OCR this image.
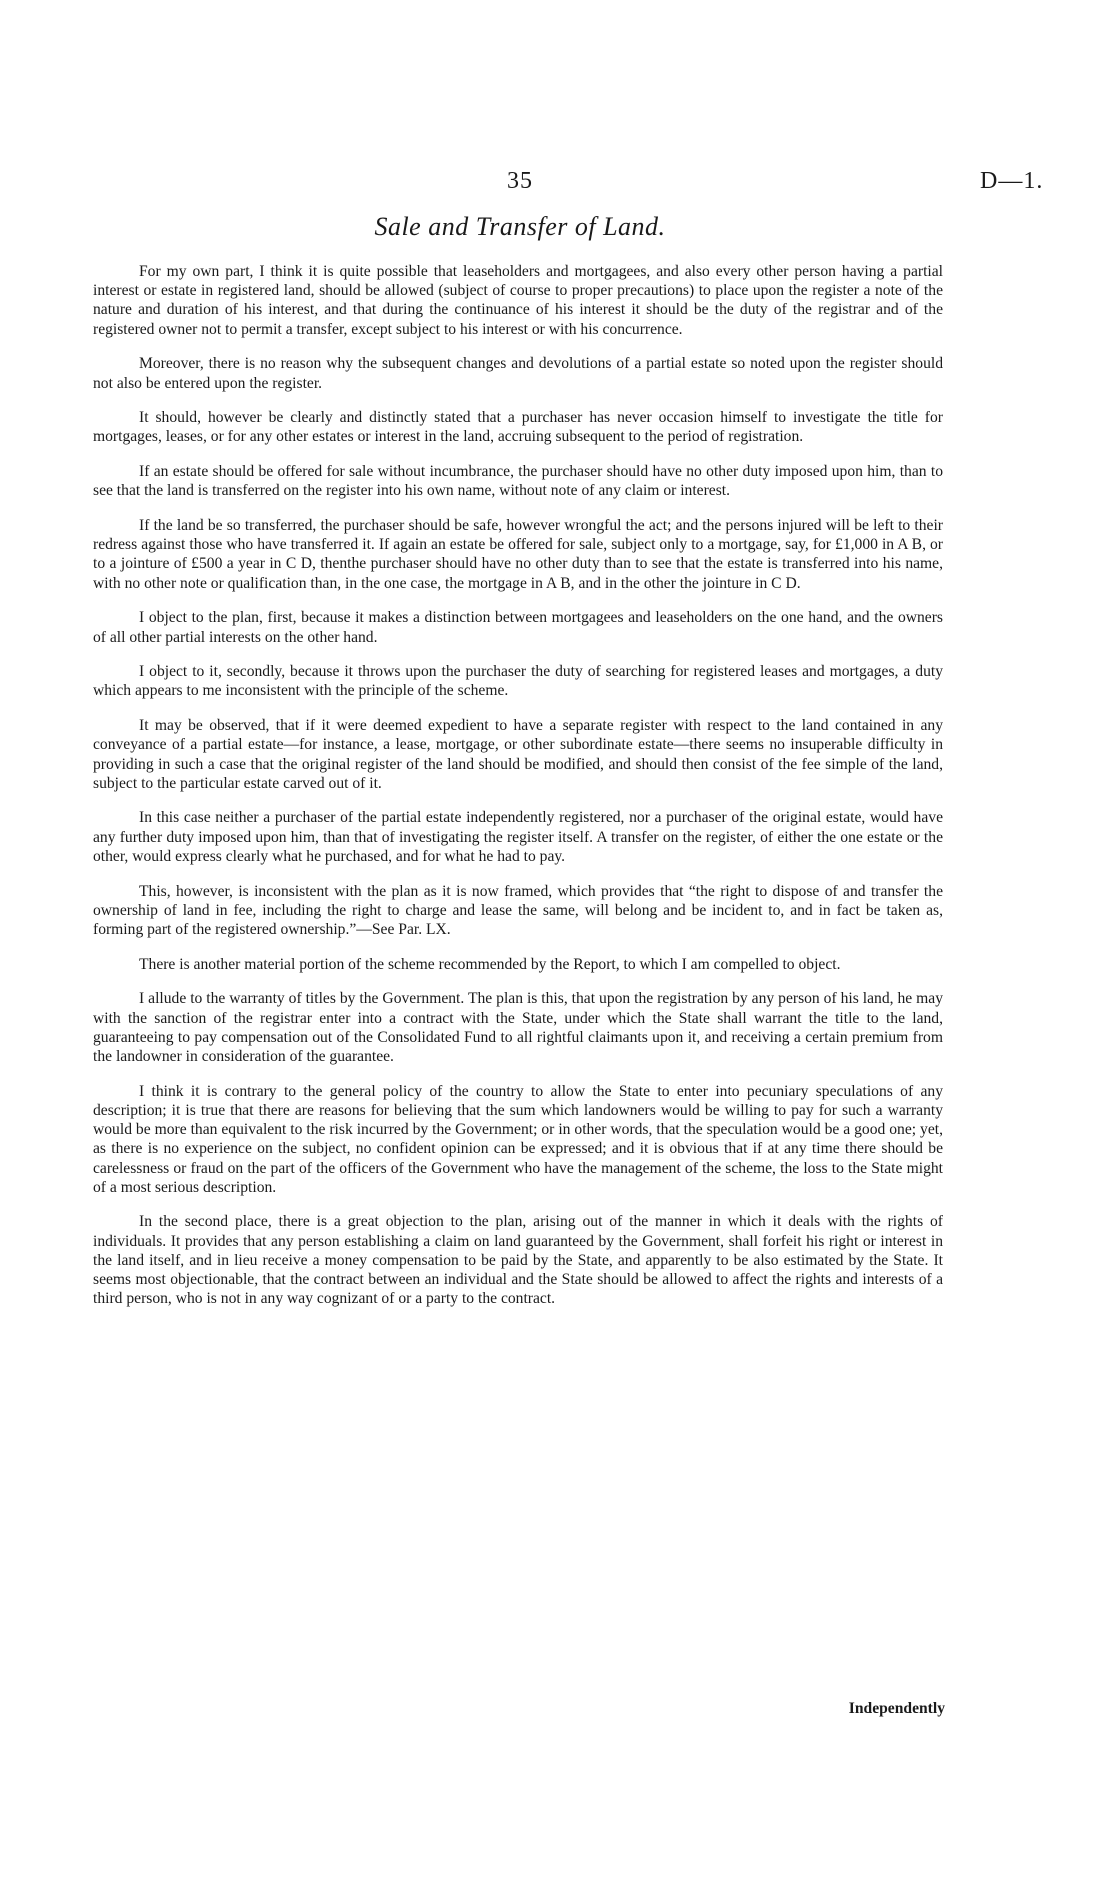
35	D—1.
Sale and Transfer of Land.

For my own part, I think it is quite possible that leaseholders and mortgagees, and also every other person having a partial interest or estate in registered land, should be allowed (subject of course to proper precautions) to place upon the register a note of the nature and duration of his interest, and that during the continuance of his interest it should be the duty of the registrar and of the registered owner not to permit a transfer, except subject to his interest or with his concurrence.

Moreover, there is no reason why the subsequent changes and devolutions of a partial estate so noted upon the register should not also be entered upon the register.

It should, however be clearly and distinctly stated that a purchaser has never occasion himself to investigate the title for mortgages, leases, or for any other estates or interest in the land, accruing subsequent to the period of registration.

If an estate should be offered for sale without incumbrance, the purchaser should have no other duty imposed upon him, than to see that the land is transferred on the register into his own name, without note of any claim or interest.

If the land be so transferred, the purchaser should be safe, however wrongful the act; and the persons injured will be left to their redress against those who have transferred it. If again an estate be offered for sale, subject only to a mortgage, say, for £1,000 in A B, or to a jointure of £500 a year in C D, thenthe purchaser should have no other duty than to see that the estate is transferred into his name, with no other note or qualification than, in the one case, the mortgage in A B, and in the other the jointure in C D.

I object to the plan, first, because it makes a distinction between mortgagees and leaseholders on the one hand, and the owners of all other partial interests on the other hand.

I object to it, secondly, because it throws upon the purchaser the duty of searching for registered leases and mortgages, a duty which appears to me inconsistent with the principle of the scheme.

It may be observed, that if it were deemed expedient to have a separate register with respect to the land contained in any conveyance of a partial estate—for instance, a lease, mortgage, or other subordinate estate—there seems no insuperable difficulty in providing in such a case that the original register of the land should be modified, and should then consist of the fee simple of the land, subject to the particular estate carved out of it.

In this case neither a purchaser of the partial estate independently registered, nor a purchaser of the original estate, would have any further duty imposed upon him, than that of investigating the register itself. A transfer on the register, of either the one estate or the other, would express clearly what he purchased, and for what he had to pay.

This, however, is inconsistent with the plan as it is now framed, which provides that “the right to dispose of and transfer the ownership of land in fee, including the right to charge and lease the same, will belong and be incident to, and in fact be taken as, forming part of the registered ownership.”—See Par. LX.

There is another material portion of the scheme recommended by the Report, to which I am compelled to object.

I allude to the warranty of titles by the Government. The plan is this, that upon the registration by any person of his land, he may with the sanction of the registrar enter into a contract with the State, under which the State shall warrant the title to the land, guaranteeing to pay compensation out of the Consolidated Fund to all rightful claimants upon it, and receiving a certain premium from the landowner in consideration of the guarantee.

I think it is contrary to the general policy of the country to allow the State to enter into pecuniary speculations of any description; it is true that there are reasons for believing that the sum which landowners would be willing to pay for such a warranty would be more than equivalent to the risk incurred by the Government; or in other words, that the speculation would be a good one; yet, as there is no experience on the subject, no confident opinion can be expressed; and it is obvious that if at any time there should be carelessness or fraud on the part of the officers of the Government who have the management of the scheme, the loss to the State might of a most serious description.

In the second place, there is a great objection to the plan, arising out of the manner in which it deals with the rights of individuals. It provides that any person establishing a claim on land guaranteed by the Government, shall forfeit his right or interest in the land itself, and in lieu receive a money compensation to be paid by the State, and apparently to be also estimated by the State. It seems most objectionable, that the contract between an individual and the State should be allowed to affect the rights and interests of a third person, who is not in any way cognizant of or a party to the contract.

Independently
